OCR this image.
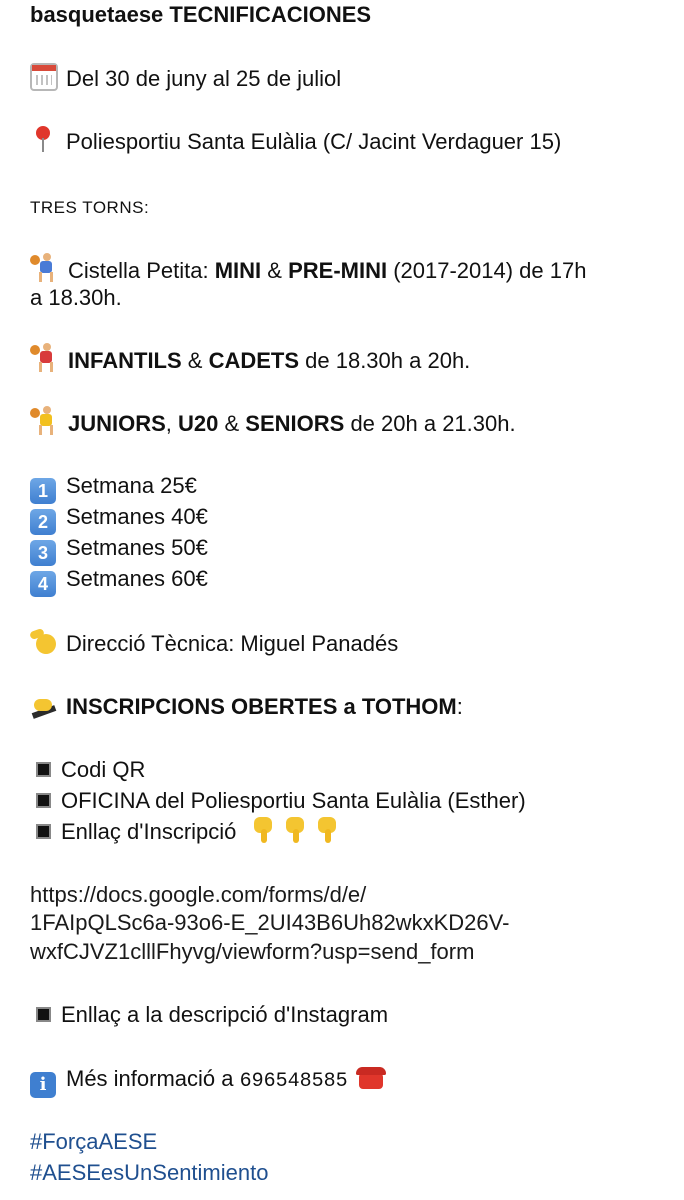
basquetaese TECNIFICACIONES
Del 30 de juny al 25 de juliol
Poliesportiu Santa Eulàlia (C/ Jacint Verdaguer 15)
TRES TORNS:
Cistella Petita: MINI & PRE-MINI (2017-2014) de 17h
a 18.30h.
INFANTILS & CADETS de 18.30h a 20h.
JUNIORS, U20 & SENIORS de 20h a 21.30h.
1 Setmana 25€
2 Setmanes 40€
3 Setmanes 50€
4 Setmanes 60€
Direcció Tècnica: Miguel Panadés
INSCRIPCIONS OBERTES a TOTHOM:
Codi QR
OFICINA del Poliesportiu Santa Eulàlia (Esther)
Enllaç d'Inscripció
https://docs.google.com/forms/d/e/
1FAIpQLSc6a-93o6-E_2UI43B6Uh82wkxKD26V-
wxfCJVZ1clllFhyvg/viewform?usp=send_form
Enllaç a la descripció d'Instagram
i Més informació a 696548585
#ForçaAESE
#AESEesUnSentimiento
